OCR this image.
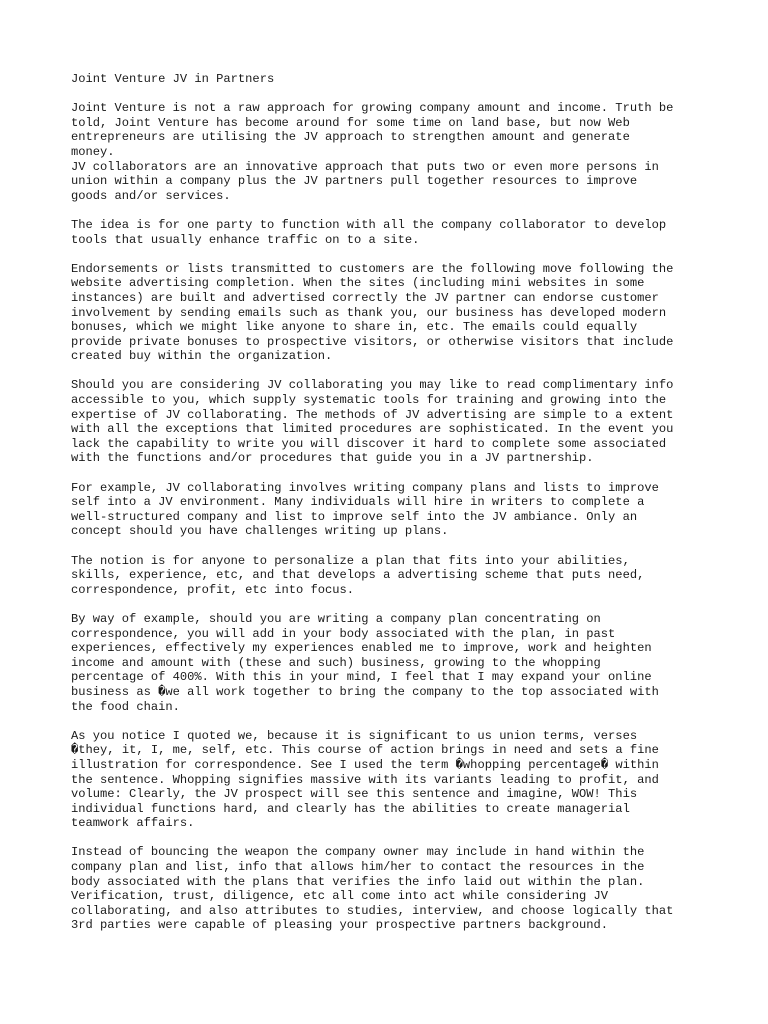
Joint Venture JV in Partners
Joint Venture is not a raw approach for growing company amount and income. Truth be
told, Joint Venture has become around for some time on land base, but now Web
entrepreneurs are utilising the JV approach to strengthen amount and generate
money.
JV collaborators are an innovative approach that puts two or even more persons in
union within a company plus the JV partners pull together resources to improve
goods and/or services.
The idea is for one party to function with all the company collaborator to develop
tools that usually enhance traffic on to a site.
Endorsements or lists transmitted to customers are the following move following the
website advertising completion. When the sites (including mini websites in some
instances) are built and advertised correctly the JV partner can endorse customer
involvement by sending emails such as thank you, our business has developed modern
bonuses, which we might like anyone to share in, etc. The emails could equally
provide private bonuses to prospective visitors, or otherwise visitors that include
created buy within the organization.
Should you are considering JV collaborating you may like to read complimentary info
accessible to you, which supply systematic tools for training and growing into the
expertise of JV collaborating. The methods of JV advertising are simple to a extent
with all the exceptions that limited procedures are sophisticated. In the event you
lack the capability to write you will discover it hard to complete some associated
with the functions and/or procedures that guide you in a JV partnership.
For example, JV collaborating involves writing company plans and lists to improve
self into a JV environment. Many individuals will hire in writers to complete a
well-structured company and list to improve self into the JV ambiance. Only an
concept should you have challenges writing up plans.
The notion is for anyone to personalize a plan that fits into your abilities,
skills, experience, etc, and that develops a advertising scheme that puts need,
correspondence, profit, etc into focus.
By way of example, should you are writing a company plan concentrating on
correspondence, you will add in your body associated with the plan, in past
experiences, effectively my experiences enabled me to improve, work and heighten
income and amount with (these and such) business, growing to the whopping
percentage of 400%. With this in your mind, I feel that I may expand your online
business as �we all work together to bring the company to the top associated with
the food chain.
As you notice I quoted we, because it is significant to us union terms, verses
�they, it, I, me, self, etc. This course of action brings in need and sets a fine
illustration for correspondence. See I used the term �whopping percentage� within
the sentence. Whopping signifies massive with its variants leading to profit, and
volume: Clearly, the JV prospect will see this sentence and imagine, WOW! This
individual functions hard, and clearly has the abilities to create managerial
teamwork affairs.
Instead of bouncing the weapon the company owner may include in hand within the
company plan and list, info that allows him/her to contact the resources in the
body associated with the plans that verifies the info laid out within the plan.
Verification, trust, diligence, etc all come into act while considering JV
collaborating, and also attributes to studies, interview, and choose logically that
3rd parties were capable of pleasing your prospective partners background.
